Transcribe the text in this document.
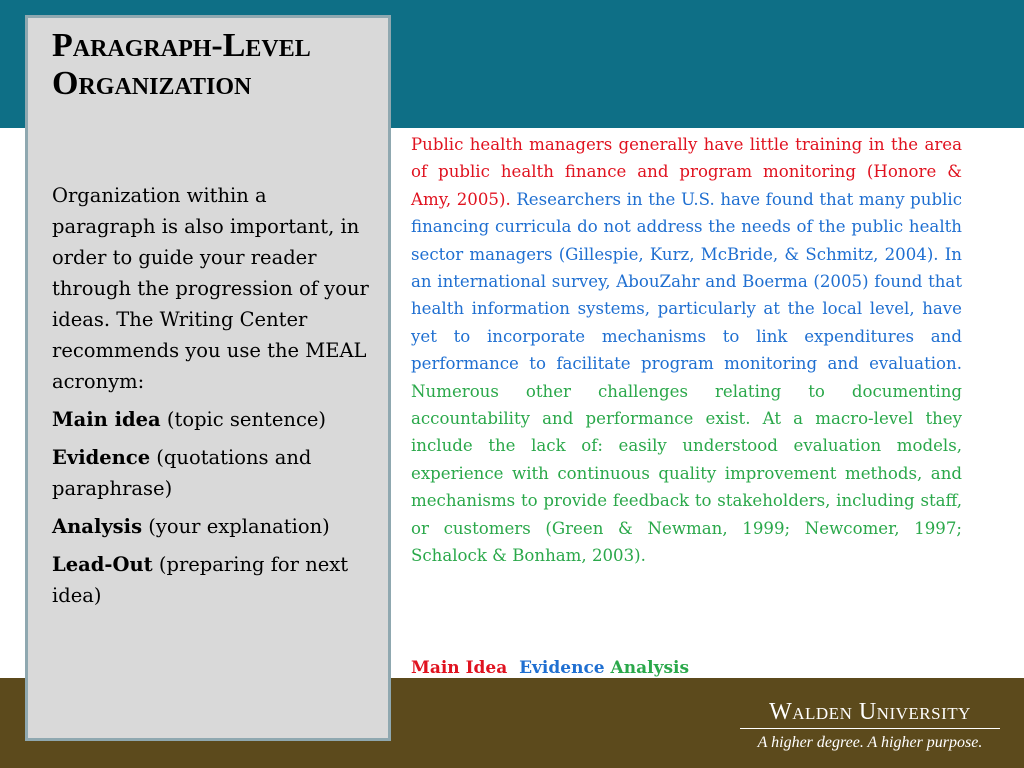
Paragraph-Level Organization

Organization within a paragraph is also important, in order to guide your reader through the progression of your ideas. The Writing Center recommends you use the MEAL acronym:

Main idea (topic sentence)

Evidence (quotations and paraphrase)

Analysis (your explanation)

Lead-Out (preparing for next idea)

Public health managers generally have little training in the area of public health finance and program monitoring (Honore & Amy, 2005). Researchers in the U.S. have found that many public financing curricula do not address the needs of the public health sector managers (Gillespie, Kurz, McBride, & Schmitz, 2004). In an international survey, AbouZahr and Boerma (2005) found that health information systems, particularly at the local level, have yet to incorporate mechanisms to link expenditures and performance to facilitate program monitoring and evaluation. Numerous other challenges relating to documenting accountability and performance exist. At a macro-level they include the lack of: easily understood evaluation models, experience with continuous quality improvement methods, and mechanisms to provide feedback to stakeholders, including staff, or customers (Green & Newman, 1999; Newcomer, 1997; Schalock & Bonham, 2003).

Main Idea Evidence Analysis
Walden University
A higher degree. A higher purpose.
